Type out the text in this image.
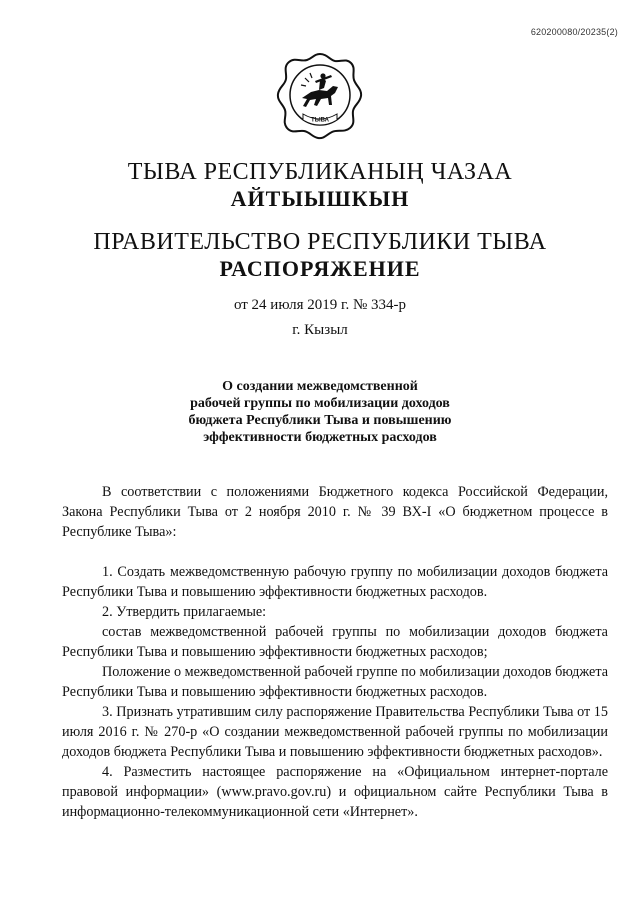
620200080/20235(2)
ТЫВА
ТЫВА РЕСПУБЛИКАНЫҢ ЧАЗАА
АЙТЫЫШКЫН
ПРАВИТЕЛЬСТВО РЕСПУБЛИКИ ТЫВА
РАСПОРЯЖЕНИЕ
от 24 июля 2019 г. № 334-р
г. Кызыл
О создании межведомственной
рабочей группы по мобилизации доходов
бюджета Республики Тыва и повышению
эффективности бюджетных расходов

В соответствии с положениями Бюджетного кодекса Российской Федерации, Закона Республики Тыва от 2 ноября 2010 г. № 39 ВХ-I «О бюджетном процессе в Республике Тыва»:

1. Создать межведомственную рабочую группу по мобилизации доходов бюджета Республики Тыва и повышению эффективности бюджетных расходов.

2. Утвердить прилагаемые:

состав межведомственной рабочей группы по мобилизации доходов бюджета Республики Тыва и повышению эффективности бюджетных расходов;

Положение о межведомственной рабочей группе по мобилизации доходов бюджета Республики Тыва и повышению эффективности бюджетных расходов.

3. Признать утратившим силу распоряжение Правительства Республики Тыва от 15 июля 2016 г. № 270-р «О создании межведомственной рабочей группы по мобилизации доходов бюджета Республики Тыва и повышению эффективности бюджетных расходов».

4. Разместить настоящее распоряжение на «Официальном интернет-портале правовой информации» (www.pravo.gov.ru) и официальном сайте Республики Тыва в информационно-телекоммуникационной сети «Интернет».
